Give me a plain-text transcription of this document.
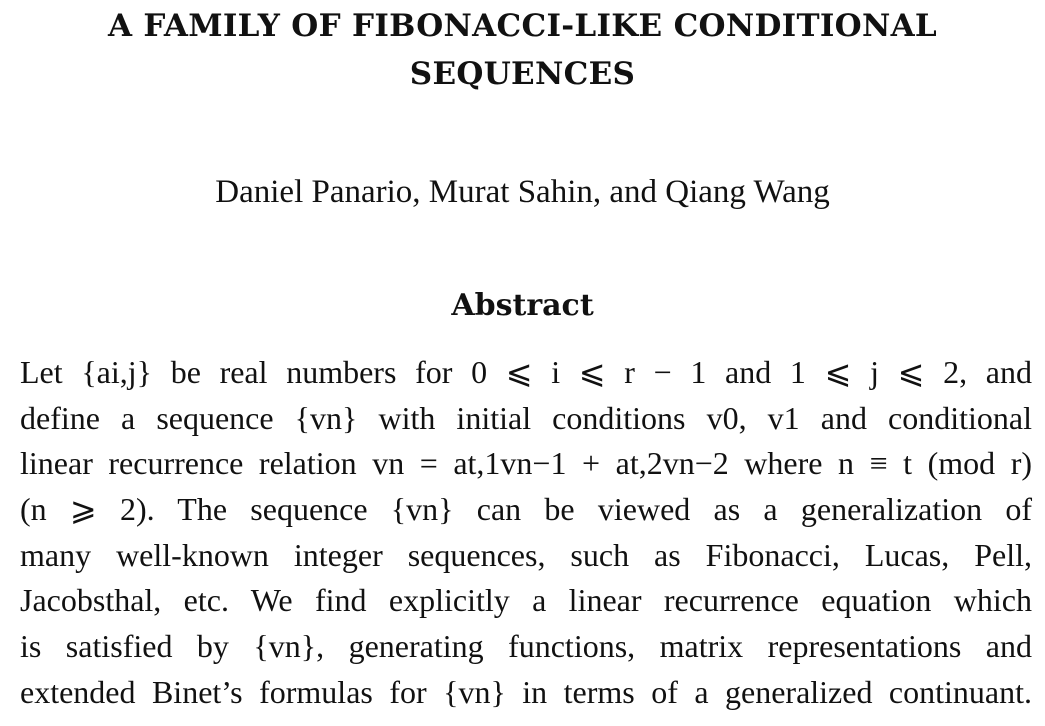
A FAMILY OF FIBONACCI-LIKE CONDITIONAL
SEQUENCES
Daniel Panario, Murat Sahin, and Qiang Wang
Abstract
Let {ai,j} be real numbers for 0 ⩽ i ⩽ r − 1 and 1 ⩽ j ⩽ 2, and
define a sequence {vn} with initial conditions v0, v1 and conditional
linear recurrence relation vn = at,1vn−1 + at,2vn−2 where n ≡ t (mod r)
(n ⩾ 2). The sequence {vn} can be viewed as a generalization of
many well-known integer sequences, such as Fibonacci, Lucas, Pell,
Jacobsthal, etc. We find explicitly a linear recurrence equation which
is satisfied by {vn}, generating functions, matrix representations and
extended Binet’s formulas for {vn} in terms of a generalized continuant.
